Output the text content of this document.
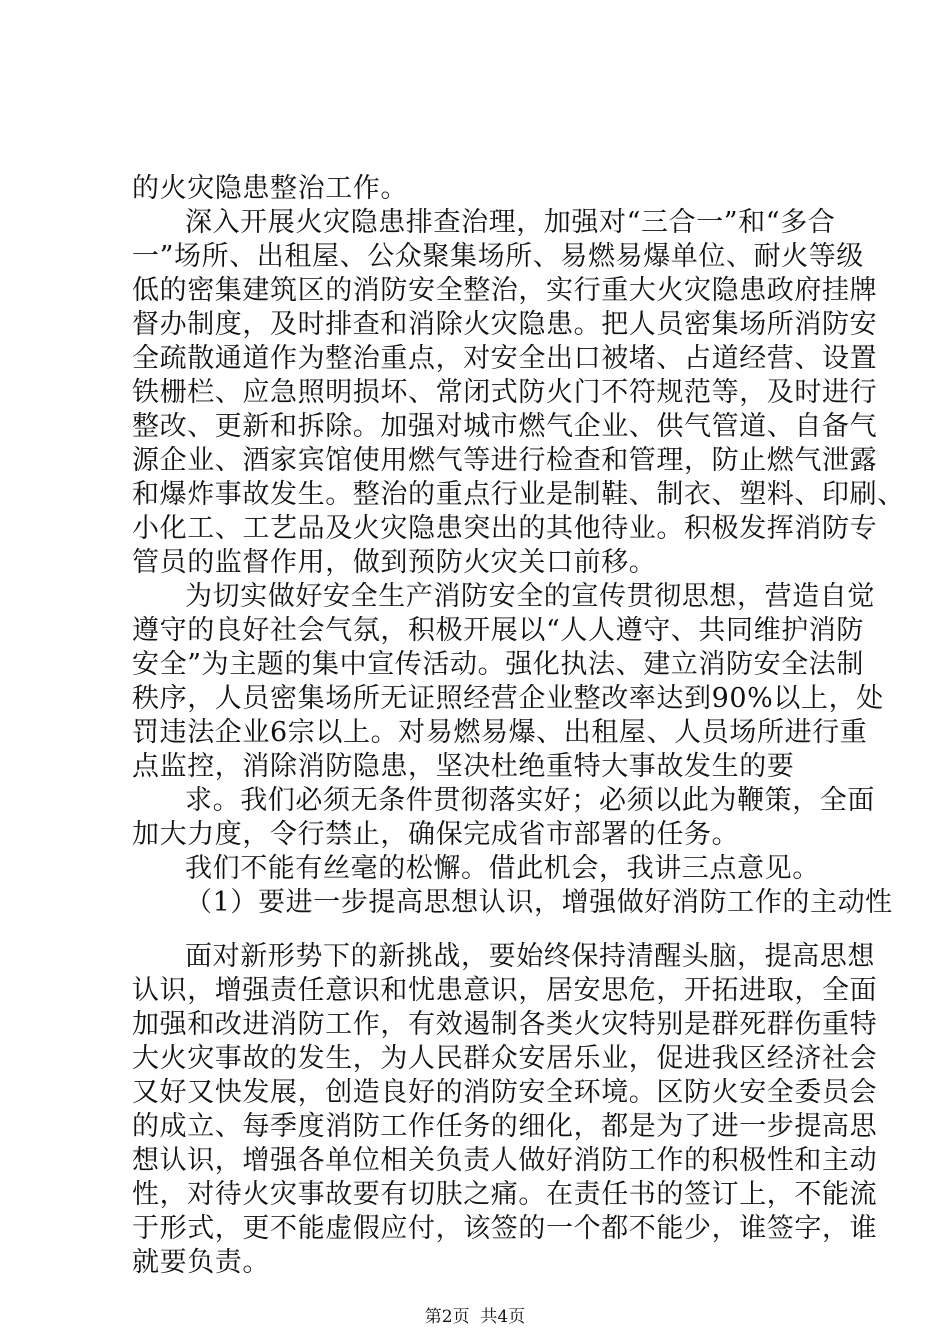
的火灾隐患整治工作。
深入开展火灾隐患排查治理，加强对“三合一”和“多合
一”场所、出租屋、公众聚集场所、易燃易爆单位、耐火等级
低的密集建筑区的消防安全整治，实行重大火灾隐患政府挂牌
督办制度，及时排查和消除火灾隐患。把人员密集场所消防安
全疏散通道作为整治重点，对安全出口被堵、占道经营、设置
铁栅栏、应急照明损坏、常闭式防火门不符规范等，及时进行
整改、更新和拆除。加强对城市燃气企业、供气管道、自备气
源企业、酒家宾馆使用燃气等进行检查和管理，防止燃气泄露
和爆炸事故发生。整治的重点行业是制鞋、制衣、塑料、印刷、
小化工、工艺品及火灾隐患突出的其他待业。积极发挥消防专
管员的监督作用，做到预防火灾关口前移。
为切实做好安全生产消防安全的宣传贯彻思想，营造自觉
遵守的良好社会气氛，积极开展以“人人遵守、共同维护消防
安全”为主题的集中宣传活动。强化执法、建立消防安全法制
秩序，人员密集场所无证照经营企业整改率达到90%以上，处
罚违法企业6宗以上。对易燃易爆、出租屋、人员场所进行重
点监控，消除消防隐患，坚决杜绝重特大事故发生的要
求。我们必须无条件贯彻落实好；必须以此为鞭策，全面
加大力度，令行禁止，确保完成省市部署的任务。
我们不能有丝毫的松懈。借此机会，我讲三点意见。
（1）要进一步提高思想认识，增强做好消防工作的主动性
面对新形势下的新挑战，要始终保持清醒头脑，提高思想
认识，增强责任意识和忧患意识，居安思危，开拓进取，全面
加强和改进消防工作，有效遏制各类火灾特别是群死群伤重特
大火灾事故的发生，为人民群众安居乐业，促进我区经济社会
又好又快发展，创造良好的消防安全环境。区防火安全委员会
的成立、每季度消防工作任务的细化，都是为了进一步提高思
想认识，增强各单位相关负责人做好消防工作的积极性和主动
性，对待火灾事故要有切肤之痛。在责任书的签订上，不能流
于形式，更不能虚假应付，该签的一个都不能少，谁签字，谁
就要负责。
第2页  共4页
